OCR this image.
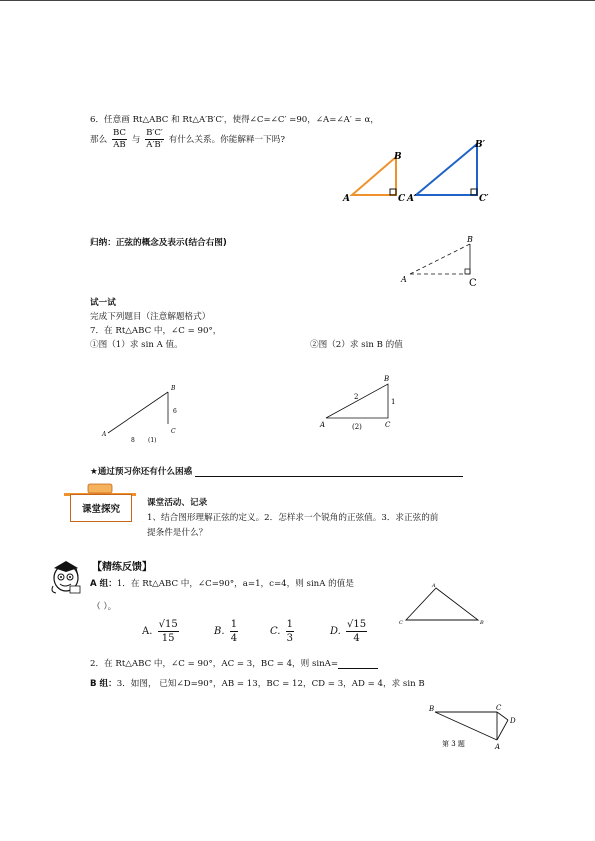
6．任意画 Rt△ABC 和 Rt△A′B′C′，使得∠C=∠C′ =90，∠A=∠A′ = α，
那么 $\frac{BC}{AB}$ 与 $\frac{B'C'}{A'B'}$ 有什么关系。你能解释一下吗?
A	C
B
A′	C′
B′
归纳：正弦的概念及表示(结合右图)
A
B
C
试一试
完成下列题目（注意解题格式）
7．在 Rt△ABC 中，∠C = 90°，
①图（1）求 sin A 值。	②图（2）求 sin B 的值
A
B
C
6
8 (1)
A
B
C
2
1
(2)
★通过预习你还有什么困惑
课堂探究
课堂活动、记录
1、结合图形理解正弦的定义。2．怎样求一个锐角的正弦值。3．求正弦的前
提条件是什么？
【精练反馈】
A 组：1．在 Rt△ABC 中，∠C=90°，a=1，c=4，则 sinA 的值是
（ ）。
A. $\frac{√15}{15}$	B. $\frac{1}{4}$	C. $\frac{1}{3}$	D. $\frac{√15}{4}$
A
C	B
2．在 Rt△ABC 中，∠C = 90°，AC = 3，BC = 4，则 sinA=
B 组：3．如图， 已知∠D=90°，AB = 13，BC = 12，CD = 3，AD = 4，求 sin B
B	C
D
A
第 3 题
